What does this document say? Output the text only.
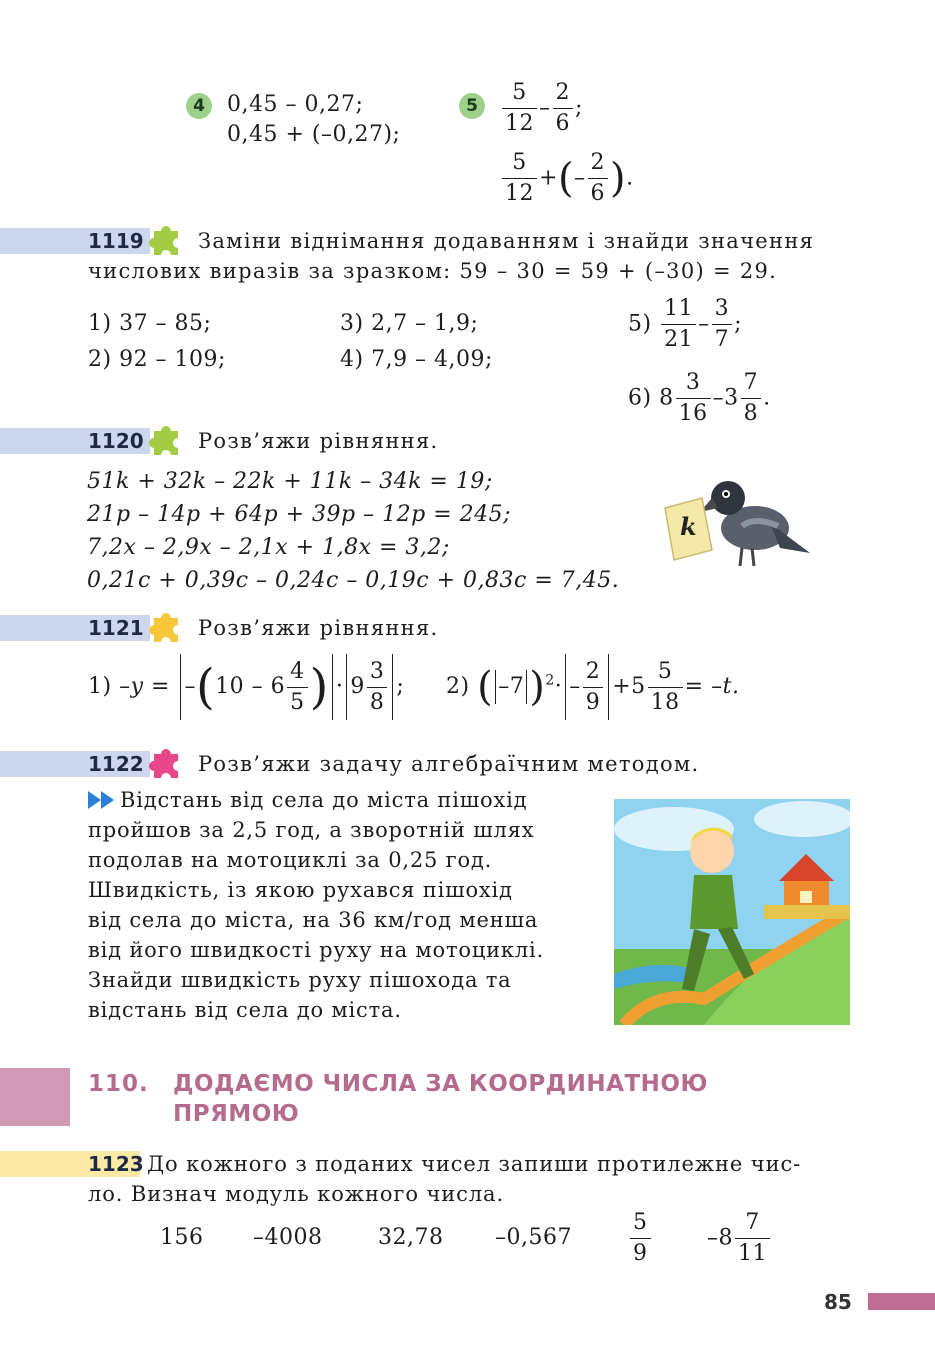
4	0,45 – 0,27;
0,45 + (–0,27);
5	$\frac{5}{12} - \frac{2}{6}$ ;
$\frac{5}{12}$ +(– $\frac{2}{6}$ ).
1119	Заміни віднімання додаванням і знайди значення
числових виразів за зразком: 59 – 30 = 59 + (–30) = 29.
1) 37 – 85;
2) 92 – 109;
3) 2,7 – 1,9;
4) 7,9 – 4,09;
$5) \frac{11}{21} - \frac{3}{7}$ ;
6) $8 \frac{3}{16} -3 \frac{7}{8}$ .
1120	Розв’яжи рівняння.
51k + 32k – 22k + 11k – 34k = 19;
21p – 14p + 64p + 39p – 12p = 245;
7,2x – 2,9x – 2,1x + 1,8x = 3,2;
0,21c + 0,39c – 0,24c – 0,19c + 0,83c = 7,45.
k
1121	Розв’яжи рівняння.
1) $-y = -(10 - 6 \frac{4}{5}$ ) · $9 \frac{3}{8}$ ; 2) ( –7 )$^2\cdot - \frac{2}{9} +5 \frac{5}{18} = -t$.
1122	Розв’яжи задачу алгебраїчним методом.
Відстань від села до міста пішохід
пройшов за 2,5 год, а зворотній шлях
подолав на мотоциклі за 0,25 год.
Швидкість, із якою рухався пішохід
від села до міста, на 36 км/год менша
від його швидкості руху на мотоциклі.
Знайди швидкість руху пішохода та
відстань від села до міста.
110. ДОДАЄМО ЧИСЛА ЗА КООРДИНАТНОЮ
ПРЯМОЮ
1123 До кожного з поданих чисел запиши протилежне чис-
ло. Визнач модуль кожного числа.
156 –4008	32,78 –0,567	$\frac{5}{9}$	$-8 \frac{7}{11}$
85
